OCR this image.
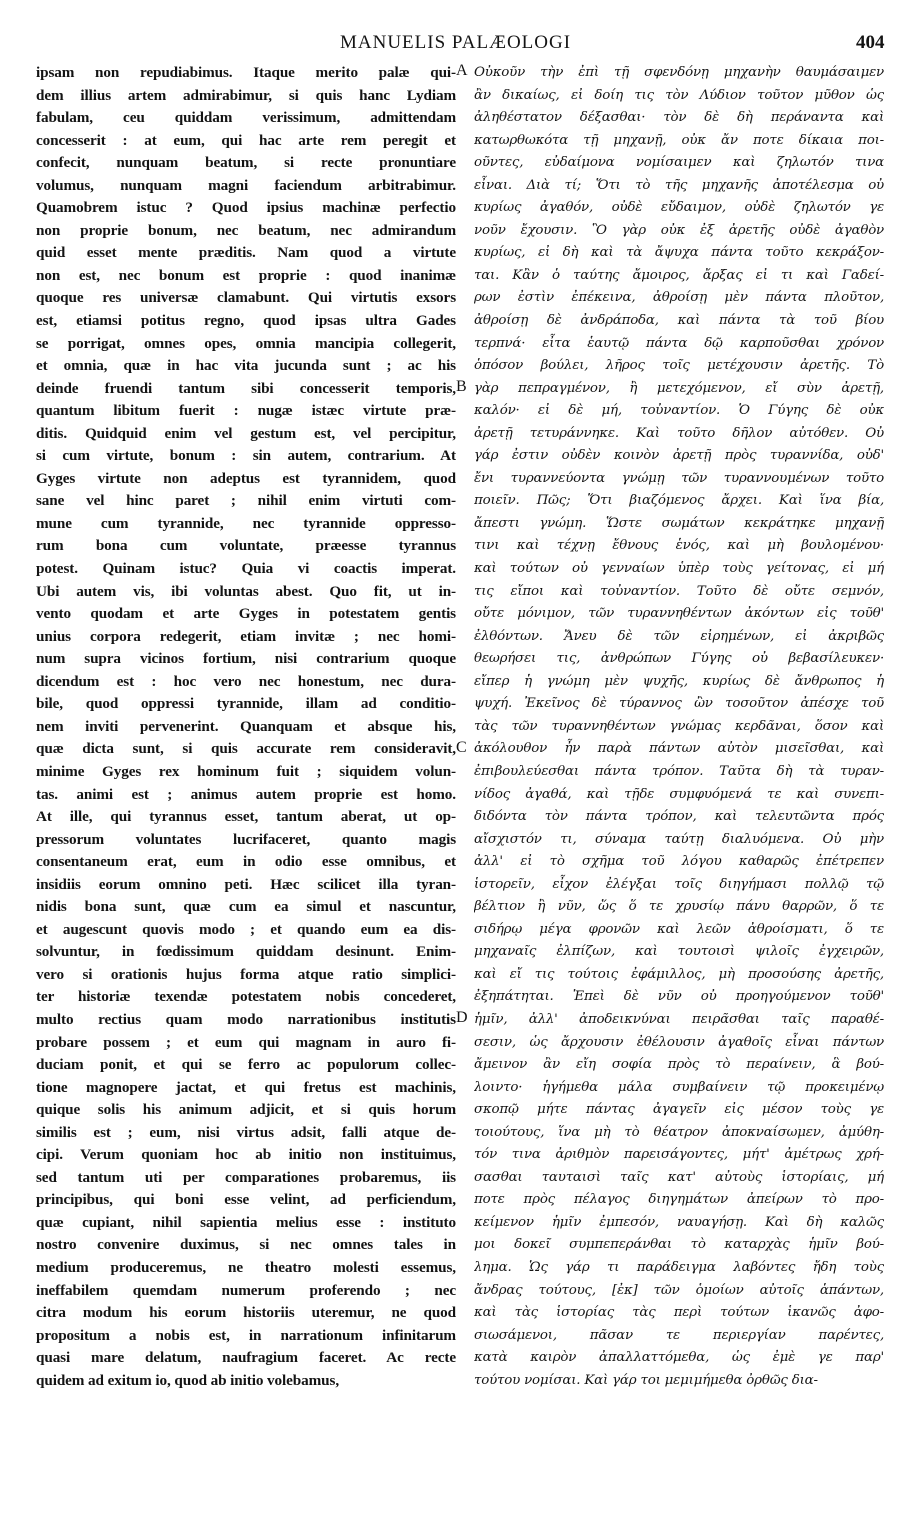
MANUELIS PALÆOLOGI	404
ipsam non repudiabimus. Itaque merito palæ qui-
dem illius artem admirabimur, si quis hanc Lydiam
fabulam, ceu quiddam verissimum, admittendam
concesserit : at eum, qui hac arte rem peregit et
confecit, nunquam beatum, si recte pronuntiare
volumus, nunquam magni faciendum arbitrabimur.
Quamobrem istuc ? Quod ipsius machinæ perfectio
non proprie bonum, nec beatum, nec admirandum
quid esset mente præditis. Nam quod a virtute
non est, nec bonum est proprie : quod inanimæ
quoque res universæ clamabunt. Qui virtutis exsors
est, etiamsi potitus regno, quod ipsas ultra Gades
se porrigat, omnes opes, omnia mancipia collegerit,
et omnia, quæ in hac vita jucunda sunt ; ac his
deinde fruendi tantum sibi concesserit temporis,
quantum libitum fuerit : nugæ istæc virtute præ-
ditis. Quidquid enim vel gestum est, vel percipitur,
si cum virtute, bonum : sin autem, contrarium. At
Gyges virtute non adeptus est tyrannidem, quod
sane vel hinc paret ; nihil enim virtuti com-
mune cum tyrannide, nec tyrannide oppresso-
rum bona cum voluntate, præesse tyrannus
potest. Quinam istuc? Quia vi coactis imperat.
Ubi autem vis, ibi voluntas abest. Quo fit, ut in-
vento quodam et arte Gyges in potestatem gentis
unius corpora redegerit, etiam invitæ ; nec homi-
num supra vicinos fortium, nisi contrarium quoque
dicendum est : hoc vero nec honestum, nec dura-
bile, quod oppressi tyrannide, illam ad conditio-
nem inviti pervenerint. Quanquam et absque his,
quæ dicta sunt, si quis accurate rem consideravit,
minime Gyges rex hominum fuit ; siquidem volun-
tas. animi est ; animus autem proprie est homo.
At ille, qui tyrannus esset, tantum aberat, ut op-
pressorum voluntates lucrifaceret, quanto magis
consentaneum erat, eum in odio esse omnibus, et
insidiis eorum omnino peti. Hæc scilicet illa tyran-
nidis bona sunt, quæ cum ea simul et nascuntur,
et augescunt quovis modo ; et quando eum ea dis-
solvuntur, in fœdissimum quiddam desinunt. Enim-
vero si orationis hujus forma atque ratio simplici-
ter historiæ texendæ potestatem nobis concederet,
multo rectius quam modo narrationibus institutis
probare possem ; et eum qui magnam in auro fi-
duciam ponit, et qui se ferro ac populorum collec-
tione magnopere jactat, et qui fretus est machinis,
quique solis his animum adjicit, et si quis horum
similis est ; eum, nisi virtus adsit, falli atque de-
cipi. Verum quoniam hoc ab initio non instituimus,
sed tantum uti per comparationes probaremus, iis
principibus, qui boni esse velint, ad perficiendum,
quæ cupiant, nihil sapientia melius esse : instituto
nostro convenire duximus, si nec omnes tales in
medium produceremus, ne theatro molesti essemus,
ineffabilem quemdam numerum proferendo ; nec
citra modum his eorum historiis uteremur, ne quod
propositum a nobis est, in narrationum infinitarum
quasi mare delatum, naufragium faceret. Ac recte
quidem ad exitum io, quod ab initio volebamus,
A
B
C
D
Οὐκοῦν τὴν ἐπὶ τῇ σφενδόνῃ μηχανὴν θαυμάσαιμεν
ἂν δικαίως, εἰ δοίη τις τὸν Λύδιον τοῦτον μῦθον ὡς
ἀληθέστατον δέξασθαι· τὸν δὲ δὴ περάναντα καὶ
κατωρθωκότα τῇ μηχανῇ, οὐκ ἄν ποτε δίκαια ποι-
οῦντες, εὐδαίμονα νομίσαιμεν καὶ ζηλωτόν τινα
εἶναι. Διὰ τί; Ὅτι τὸ τῆς μηχανῆς ἀποτέλεσμα οὐ
κυρίως ἀγαθόν, οὐδὲ εὔδαιμον, οὐδὲ ζηλωτόν γε
νοῦν ἔχουσιν. Ὃ γὰρ οὐκ ἐξ ἀρετῆς οὐδὲ ἀγαθὸν
κυρίως, εἰ δὴ καὶ τὰ ἄψυχα πάντα τοῦτο κεκράξον-
ται. Κἂν ὁ ταύτης ἄμοιρος, ἄρξας εἰ τι καὶ Γαδεί-
ρων ἐστὶν ἐπέκεινα, ἀθροίσῃ μὲν πάντα πλοῦτον,
ἀθροίσῃ δὲ ἀνδράποδα, καὶ πάντα τὰ τοῦ βίου
τερπνά· εἶτα ἑαυτῷ πάντα δῷ καρποῦσθαι χρόνον
ὁπόσον βούλει, λῆρος τοῖς μετέχουσιν ἀρετῆς. Τὸ
γὰρ πεπραγμένον, ἢ μετεχόμενον, εἴ σὺν ἀρετῇ,
καλόν· εἰ δὲ μή, τοὐναντίον. Ὁ Γύγης δὲ οὐκ
ἀρετῇ τετυράννηκε. Καὶ τοῦτο δῆλον αὐτόθεν. Οὐ
γάρ ἐστιν οὐδὲν κοινὸν ἀρετῇ πρὸς τυραννίδα, οὐδ'
ἔνι τυραννεύοντα γνώμῃ τῶν τυραννουμένων τοῦτο
ποιεῖν. Πῶς; Ὅτι βιαζόμενος ἄρχει. Καὶ ἵνα βία,
ἄπεστι γνώμη. Ὥστε σωμάτων κεκράτηκε μηχανῇ
τινι καὶ τέχνῃ ἔθνους ἑνός, καὶ μὴ βουλομένου·
καὶ τούτων οὐ γενναίων ὑπὲρ τοὺς γείτονας, εἰ μή
τις εἴποι καὶ τοὐναντίον. Τοῦτο δὲ οὔτε σεμνόν,
οὔτε μόνιμον, τῶν τυραννηθέντων ἀκόντων εἰς τοῦθ'
ἐλθόντων. Ἄνευ δὲ τῶν εἰρημένων, εἰ ἀκριβῶς
θεωρήσει τις, ἀνθρώπων Γύγης οὐ βεβασίλευκεν·
εἴπερ ἡ γνώμη μὲν ψυχῆς, κυρίως δὲ ἄνθρωπος ἡ
ψυχή. Ἐκεῖνος δὲ τύραννος ὢν τοσοῦτον ἀπέσχε τοῦ
τὰς τῶν τυραννηθέντων γνώμας κερδᾶναι, ὅσον καὶ
ἀκόλουθον ἦν παρὰ πάντων αὐτὸν μισεῖσθαι, καὶ
ἐπιβουλεύεσθαι πάντα τρόπον. Ταῦτα δὴ τὰ τυραν-
νίδος ἀγαθά, καὶ τῇδε συμφυόμενά τε καὶ συνεπι-
διδόντα τὸν πάντα τρόπον, καὶ τελευτῶντα πρός
αἴσχιστόν τι, σύναμα ταύτῃ διαλυόμενα. Οὐ μὴν
ἀλλ' εἰ τὸ σχῆμα τοῦ λόγου καθαρῶς ἐπέτρεπεν
ἱστορεῖν, εἶχον ἐλέγξαι τοῖς διηγήμασι πολλῷ τῷ
βέλτιον ἢ νῦν, ὥς ὅ τε χρυσίῳ πάνυ θαρρῶν, ὅ τε
σιδήρῳ μέγα φρονῶν καὶ λεῶν ἀθροίσματι, ὅ τε
μηχαναῖς ἐλπίζων, καὶ τουτοισὶ ψιλοῖς ἐγχειρῶν,
καὶ εἴ τις τούτοις ἐφάμιλλος, μὴ προσούσης ἀρετῆς,
ἐξηπάτηται. Ἐπεὶ δὲ νῦν οὐ προηγούμενον τοῦθ'
ἡμῖν, ἀλλ' ἀποδεικνύναι πειρᾶσθαι ταῖς παραθέ-
σεσιν, ὡς ἄρχουσιν ἐθέλουσιν ἀγαθοῖς εἶναι πάντων
ἄμεινον ἂν εἴη σοφία πρὸς τὸ περαίνειν, ἃ βού-
λοιντο· ἡγήμεθα μάλα συμβαίνειν τῷ προκειμένῳ
σκοπῷ μήτε πάντας ἀγαγεῖν εἰς μέσον τοὺς γε
τοιούτους, ἵνα μὴ τὸ θέατρον ἀποκναίσωμεν, ἀμύθη-
τόν τινα ἀριθμὸν παρεισάγοντες, μήτ' ἀμέτρως χρή-
σασθαι ταυταισὶ ταῖς κατ' αὐτοὺς ἱστορίαις, μή
ποτε πρὸς πέλαγος διηγημάτων ἀπείρων τὸ προ-
κείμενον ἡμῖν ἐμπεσόν, ναυαγήσῃ. Καὶ δὴ καλῶς
μοι δοκεῖ συμπεπεράνθαι τὸ καταρχὰς ἡμῖν βού-
λημα. Ὡς γάρ τι παράδειγμα λαβόντες ἤδη τοὺς
ἄνδρας τούτους, [ἐκ] τῶν ὁμοίων αὐτοῖς ἁπάντων,
καὶ τὰς ἱστορίας τὰς περὶ τούτων ἱκανῶς ἀφο-
σιωσάμενοι, πᾶσαν τε περιεργίαν παρέντες,
κατὰ καιρὸν ἀπαλλαττόμεθα, ὡς ἐμὲ γε παρ'
τούτου νομίσαι. Καὶ γάρ τοι μεμιμήμεθα ὀρθῶς δια-
